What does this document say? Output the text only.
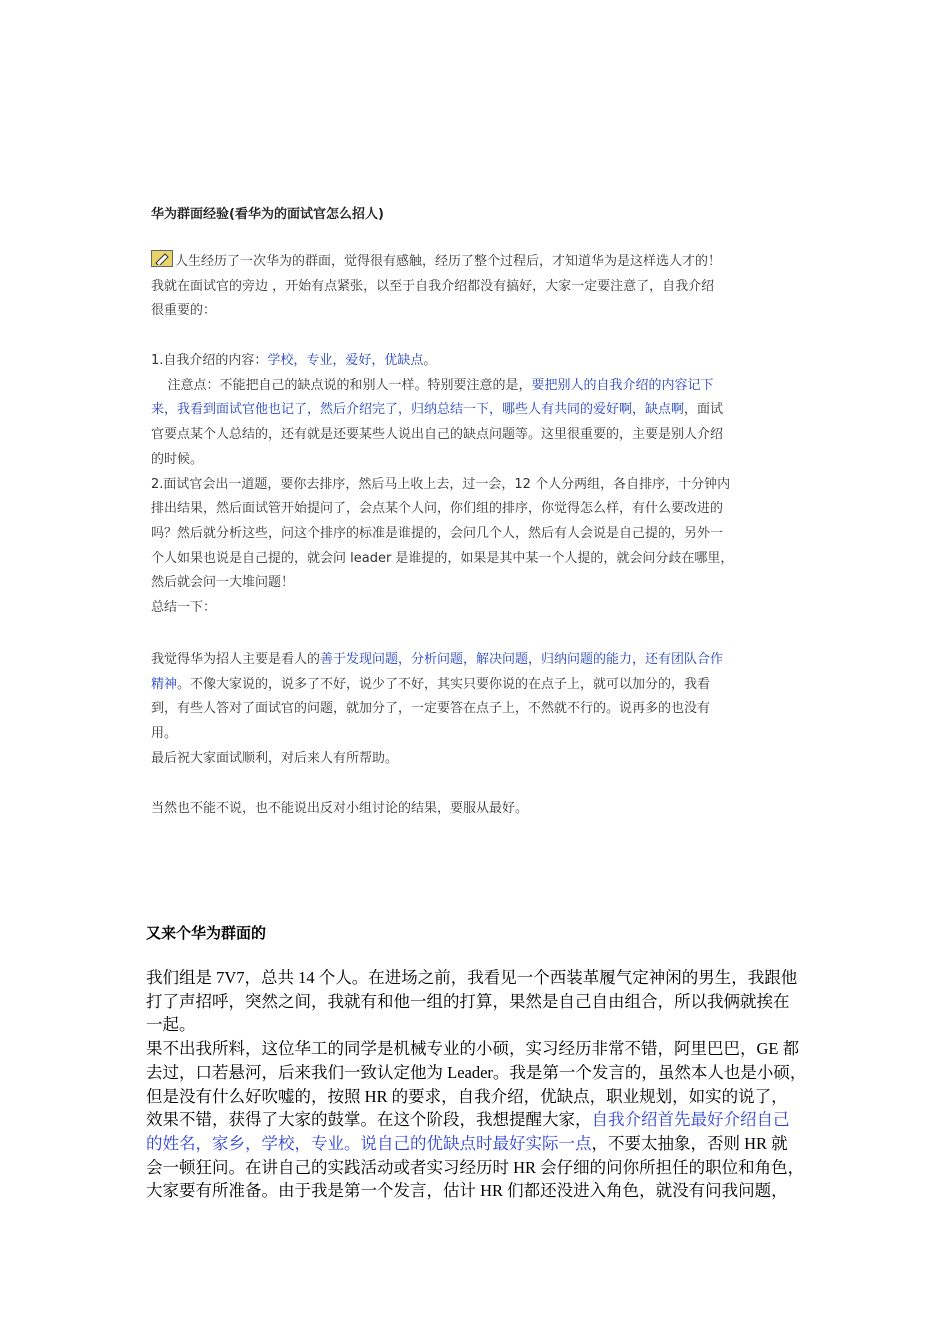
华为群面经验(看华为的面试官怎么招人)
人生经历了一次华为的群面，觉得很有感触，经历了整个过程后，才知道华为是这样选人才的！
我就在面试官的旁边 ，开始有点紧张，以至于自我介绍都没有搞好，大家一定要注意了，自我介绍
很重要的：
1.自我介绍的内容：学校，专业，爱好，优缺点。
注意点：不能把自己的缺点说的和别人一样。特别要注意的是，要把别人的自我介绍的内容记下
来，我看到面试官他也记了，然后介绍完了，归纳总结一下，哪些人有共同的爱好啊，缺点啊，面试
官要点某个人总结的，还有就是还要某些人说出自己的缺点问题等。这里很重要的，主要是别人介绍
的时候。
2.面试官会出一道题，要你去排序，然后马上收上去，过一会，12 个人分两组，各自排序，十分钟内
排出结果，然后面试管开始提问了，会点某个人问，你们组的排序，你觉得怎么样，有什么要改进的
吗？然后就分析这些，问这个排序的标准是谁提的，会问几个人，然后有人会说是自己提的，另外一
个人如果也说是自己提的，就会问 leader 是谁提的，如果是其中某一个人提的，就会问分歧在哪里，
然后就会问一大堆问题！
总结一下：
我觉得华为招人主要是看人的善于发现问题，分析问题，解决问题，归纳问题的能力，还有团队合作
精神。不像大家说的，说多了不好，说少了不好，其实只要你说的在点子上，就可以加分的，我看
到，有些人答对了面试官的问题，就加分了，一定要答在点子上，不然就不行的。说再多的也没有
用。
最后祝大家面试顺利，对后来人有所帮助。
当然也不能不说，也不能说出反对小组讨论的结果，要服从最好。
又来个华为群面的
我们组是 7V7，总共 14 个人。在进场之前，我看见一个西装革履气定神闲的男生，我跟他
打了声招呼，突然之间，我就有和他一组的打算，果然是自己自由组合，所以我俩就挨在
一起。
果不出我所料，这位华工的同学是机械专业的小硕，实习经历非常不错，阿里巴巴，GE 都
去过，口若悬河，后来我们一致认定他为 Leader。我是第一个发言的，虽然本人也是小硕，
但是没有什么好吹嘘的，按照 HR 的要求，自我介绍，优缺点，职业规划，如实的说了，
效果不错，获得了大家的鼓掌。在这个阶段，我想提醒大家，自我介绍首先最好介绍自己
的姓名，家乡，学校，专业。说自己的优缺点时最好实际一点，不要太抽象，否则 HR 就
会一顿狂问。在讲自己的实践活动或者实习经历时 HR 会仔细的问你所担任的职位和角色，
大家要有所准备。由于我是第一个发言，估计 HR 们都还没进入角色，就没有问我问题，
